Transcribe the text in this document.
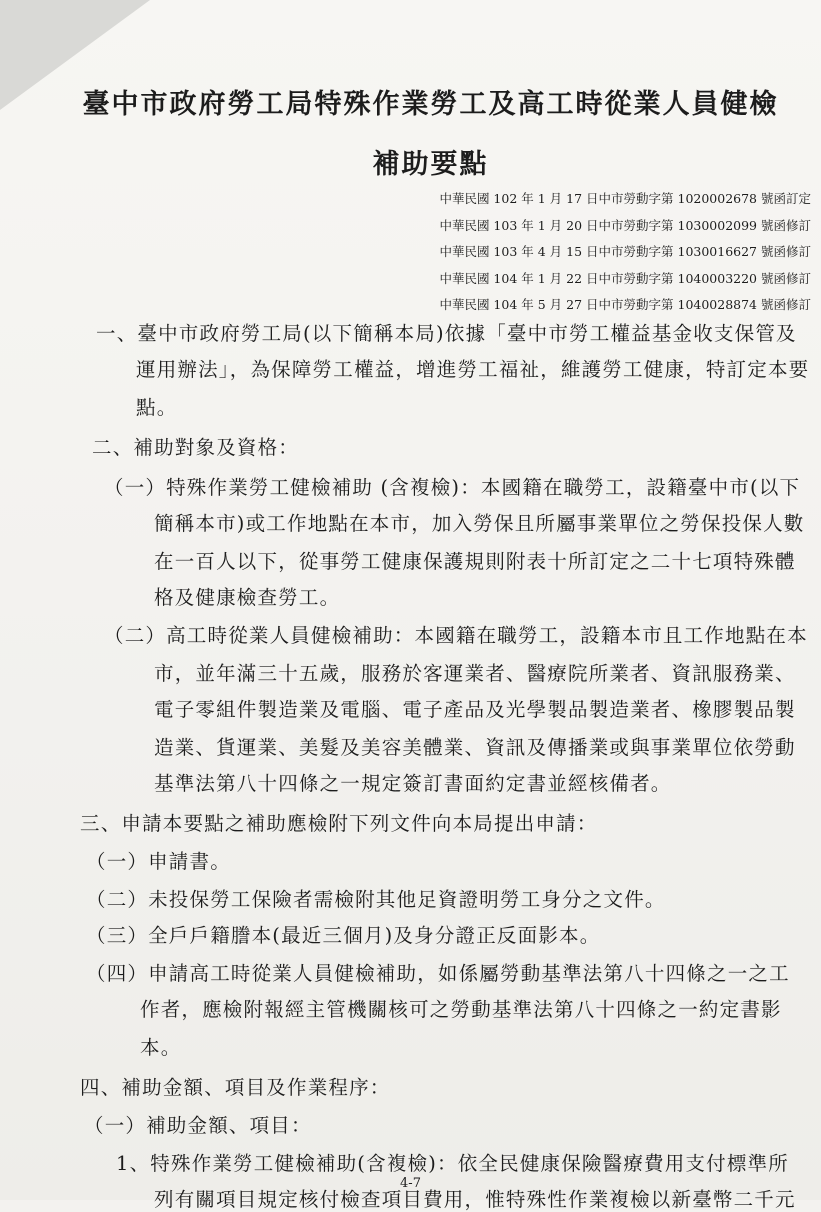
臺中市政府勞工局特殊作業勞工及高工時從業人員健檢
補助要點
中華民國 102 年 1 月 17 日中市勞動字第 1020002678 號函訂定
中華民國 103 年 1 月 20 日中市勞動字第 1030002099 號函修訂
中華民國 103 年 4 月 15 日中市勞動字第 1030016627 號函修訂
中華民國 104 年 1 月 22 日中市勞動字第 1040003220 號函修訂
中華民國 104 年 5 月 27 日中市勞動字第 1040028874 號函修訂
一、臺中市政府勞工局(以下簡稱本局)依據「臺中市勞工權益基金收支保管及
運用辦法」，為保障勞工權益，增進勞工福祉，維護勞工健康，特訂定本要
點。
二、補助對象及資格：
（一）特殊作業勞工健檢補助 (含複檢)：本國籍在職勞工，設籍臺中市(以下
簡稱本市)或工作地點在本市，加入勞保且所屬事業單位之勞保投保人數
在一百人以下，從事勞工健康保護規則附表十所訂定之二十七項特殊體
格及健康檢查勞工。
（二）高工時從業人員健檢補助：本國籍在職勞工，設籍本市且工作地點在本
市，並年滿三十五歲，服務於客運業者、醫療院所業者、資訊服務業、
電子零組件製造業及電腦、電子產品及光學製品製造業者、橡膠製品製
造業、貨運業、美髮及美容美體業、資訊及傳播業或與事業單位依勞動
基準法第八十四條之一規定簽訂書面約定書並經核備者。
三、申請本要點之補助應檢附下列文件向本局提出申請：
（一）申請書。
（二）未投保勞工保險者需檢附其他足資證明勞工身分之文件。
（三）全戶戶籍謄本(最近三個月)及身分證正反面影本。
（四）申請高工時從業人員健檢補助，如係屬勞動基準法第八十四條之一之工
作者，應檢附報經主管機關核可之勞動基準法第八十四條之一約定書影
本。
四、補助金額、項目及作業程序：
（一）補助金額、項目：
1、特殊作業勞工健檢補助(含複檢)：依全民健康保險醫療費用支付標準所
列有關項目規定核付檢查項目費用，惟特殊性作業複檢以新臺幣二千元
4-7
